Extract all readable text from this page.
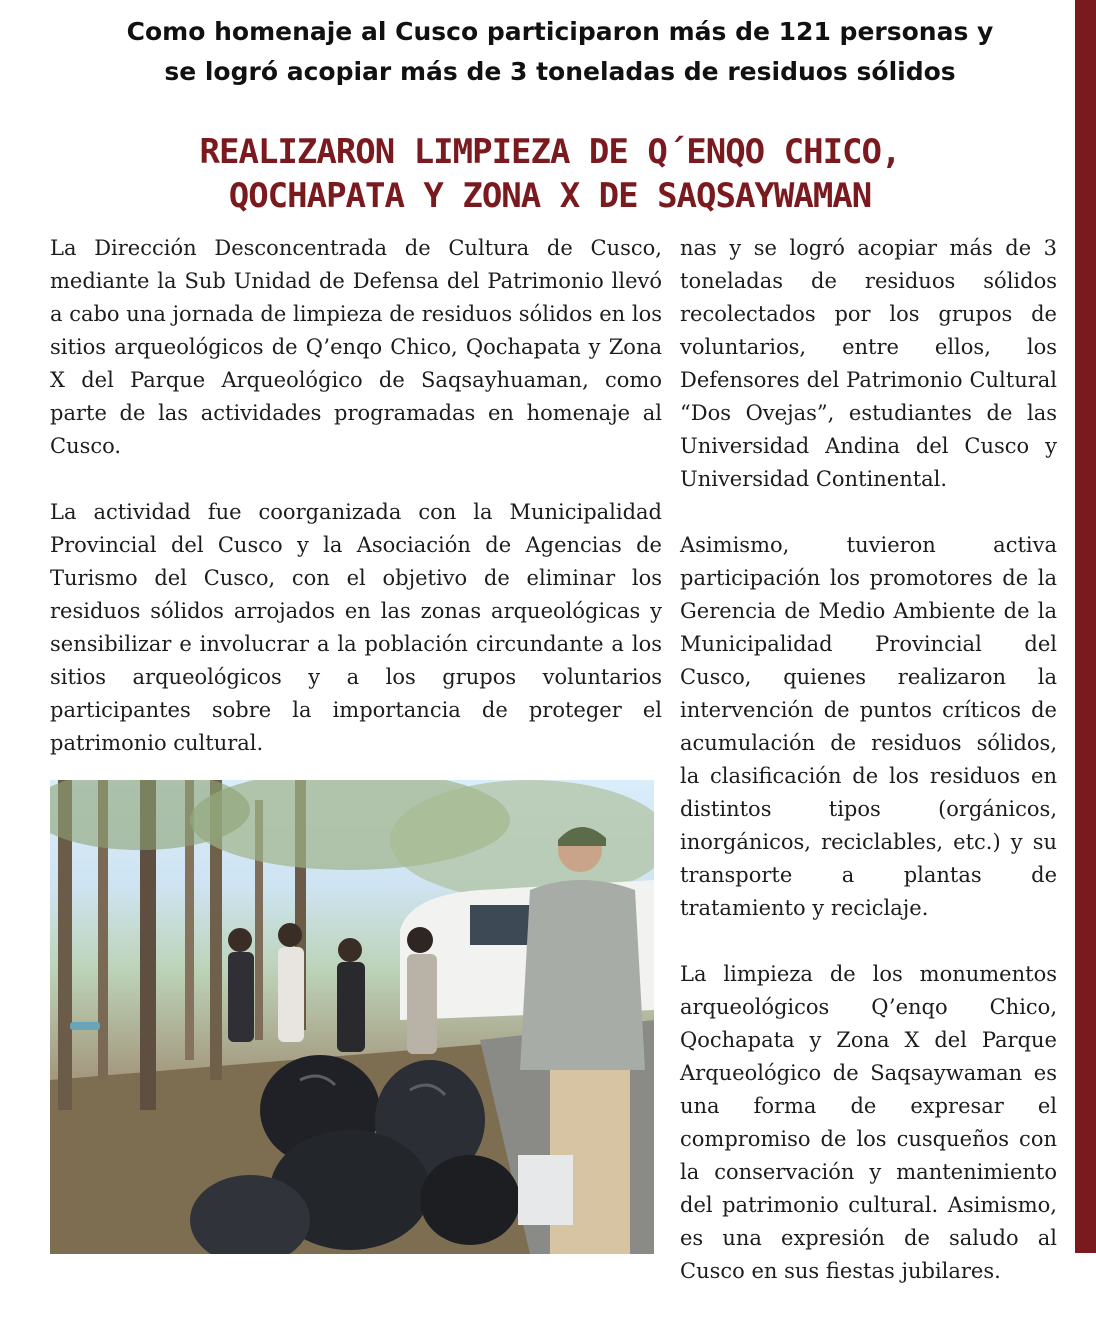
Como homenaje al Cusco participaron más de 121 personas y se logró acopiar más de 3 toneladas de residuos sólidos
REALIZARON LIMPIEZA DE Q´ENQO CHICO,
QOCHAPATA Y ZONA X DE SAQSAYWAMAN

La Dirección Desconcentrada de Cultura de Cusco, mediante la Sub Unidad de Defensa del Patrimonio llevó a cabo una jornada de limpieza de residuos sólidos en los sitios arqueológicos de Q’enqo Chico, Qochapata y Zona X del Parque Arqueológico de Saqsayhuaman, como parte de las actividades programadas en homenaje al Cusco.

La actividad fue coorganizada con la Municipalidad Provincial del Cusco y la Asociación de Agencias de Turismo del Cusco, con el objetivo de eliminar los residuos sólidos arrojados en las zonas arqueológicas y sensibilizar e involucrar a la población circundante a los sitios arqueológicos y a los grupos voluntarios participantes sobre la importancia de proteger el patrimonio cultural.

nas y se logró acopiar más de 3 toneladas de residuos sólidos recolectados por los grupos de voluntarios, entre ellos, los Defensores del Patrimonio Cultural “Dos Ovejas”, estudiantes de las Universidad Andina del Cusco y Universidad Continental.

Asimismo, tuvieron activa participación los promotores de la Gerencia de Medio Ambiente de la Municipalidad Provincial del Cusco, quienes realizaron la intervención de puntos críticos de acumulación de residuos sólidos, la clasificación de los residuos en distintos tipos (orgánicos, inorgánicos, reciclables, etc.) y su transporte a plantas de tratamiento y reciclaje.

La limpieza de los monumentos arqueológicos Q’enqo Chico, Qochapata y Zona X del Parque Arqueológico de Saqsaywaman es una forma de expresar el compromiso de los cusqueños con la conservación y mantenimiento del patrimonio cultural. Asimismo, es una expresión de saludo al Cusco en sus fiestas jubilares.
